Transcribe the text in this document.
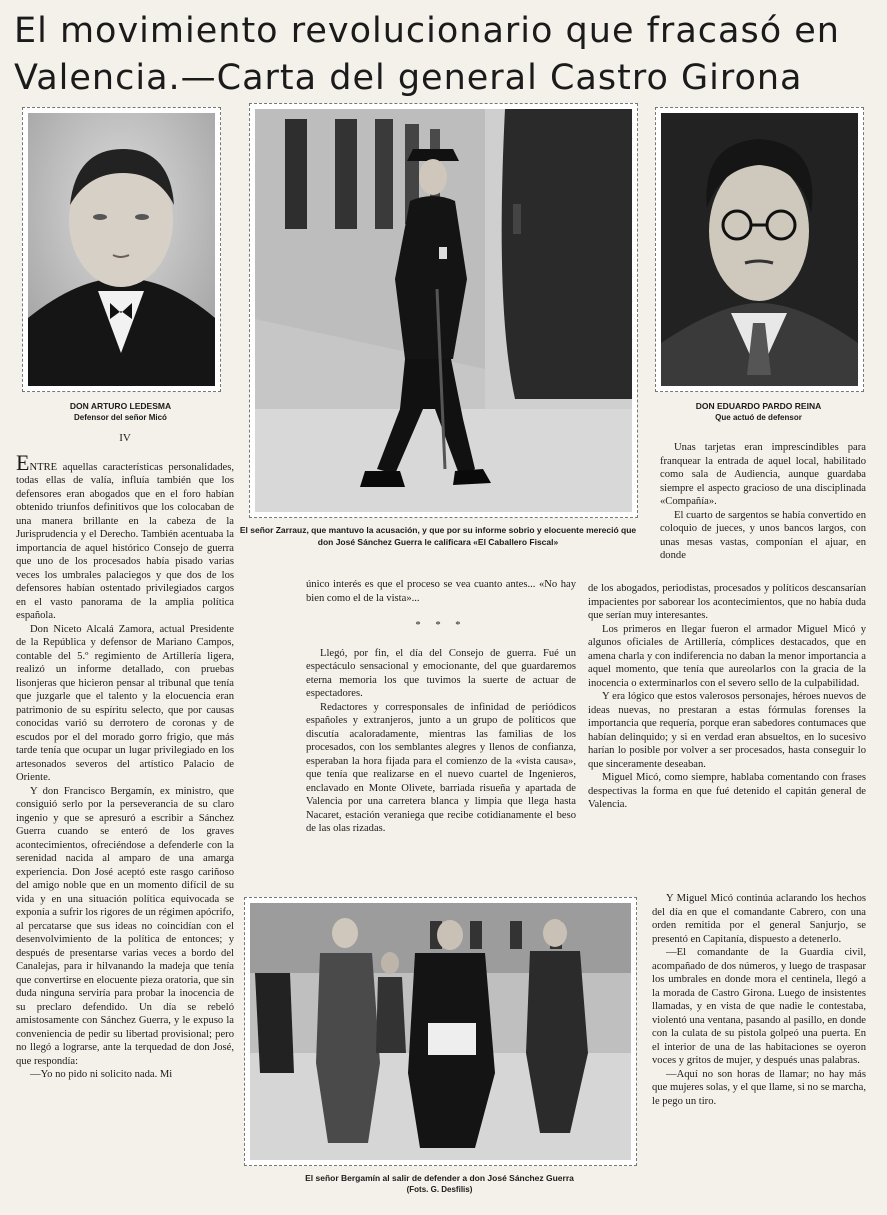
El movimiento revolucionario que fracasó en
Valencia.—Carta del general Castro Girona
DON ARTURO LEDESMA
Defensor del señor Micó
El señor Zarrauz, que mantuvo la acusación, y que por su informe sobrio y elocuente mereció que don José Sánchez Guerra le calificara «El Caballero Fiscal»
DON EDUARDO PARDO REINA
Que actuó de defensor
El señor Bergamín al salir de defender a don José Sánchez Guerra
(Fots. G. Desfilis)

IV

ENTRE aquellas características personalidades, todas ellas de valía, influía también que los defensores eran abogados que en el foro habían obtenido triunfos definitivos que los colocaban de una manera brillante en la cabeza de la Jurisprudencia y el Derecho. También acentuaba la importancia de aquel histórico Consejo de guerra que uno de los procesados había pisado varias veces los umbrales palaciegos y que dos de los defensores habían ostentado privilegiados cargos en el vasto panorama de la amplia política española.

Don Niceto Alcalá Zamora, actual Presidente de la República y defensor de Mariano Campos, contable del 5.º regimiento de Artillería ligera, realizó un informe detallado, con pruebas lisonjeras que hicieron pensar al tribunal que tenía que juzgarle que el talento y la elocuencia eran patrimonio de su espíritu selecto, que por causas conocidas varió su derrotero de coronas y de escudos por el del morado gorro frigio, que más tarde tenía que ocupar un lugar privilegiado en los artesonados severos del artístico Palacio de Oriente.

Y don Francisco Bergamín, ex ministro, que consiguió serlo por la perseverancia de su claro ingenio y que se apresuró a escribir a Sánchez Guerra cuando se enteró de los graves acontecimientos, ofreciéndose a defenderle con la serenidad nacida al amparo de una amarga experiencia. Don José aceptó este rasgo cariñoso del amigo noble que en un momento difícil de su vida y en una situación política equivocada se exponía a sufrir los rigores de un régimen apócrifo, al percatarse que sus ideas no coincidían con el desenvolvimiento de la política de entonces; y después de presentarse varias veces a bordo del Canalejas, para ir hilvanando la madeja que tenía que convertirse en elocuente pieza oratoria, que sin duda ninguna serviría para probar la inocencia de su preclaro defendido. Un día se rebeló amistosamente con Sánchez Guerra, y le expuso la conveniencia de pedir su libertad provisional; pero no llegó a lograrse, ante la terquedad de don José, que respondía:

—Yo no pido ni solicito nada. Mi

único interés es que el proceso se vea cuanto antes... «No hay bien como el de la vista»...

* * *

Llegó, por fin, el día del Consejo de guerra. Fué un espectáculo sensacional y emocionante, del que guardaremos eterna memoria los que tuvimos la suerte de actuar de espectadores.

Redactores y corresponsales de infinidad de periódicos españoles y extranjeros, junto a un grupo de políticos que discutía acaloradamente, mientras las familias de los procesados, con los semblantes alegres y llenos de confianza, esperaban la hora fijada para el comienzo de la «vista causa», que tenía que realizarse en el nuevo cuartel de Ingenieros, enclavado en Monte Olivete, barriada risueña y apartada de Valencia por una carretera blanca y limpia que llega hasta Nacaret, estación veraniega que recibe cotidianamente el beso de las olas rizadas.

Unas tarjetas eran imprescindibles para franquear la entrada de aquel local, habilitado como sala de Audiencia, aunque guardaba siempre el aspecto gracioso de una disciplinada «Compañía».

El cuarto de sargentos se había convertido en coloquio de jueces, y unos bancos largos, con unas mesas vastas, componían el ajuar, en donde

de los abogados, periodistas, procesados y políticos descansarían impacientes por saborear los acontecimientos, que no había duda que serían muy interesantes.

Los primeros en llegar fueron el armador Miguel Micó y algunos oficiales de Artillería, cómplices destacados, que en amena charla y con indiferencia no daban la menor importancia a aquel momento, que tenía que aureolarlos con la gracia de la inocencia o exterminarlos con el severo sello de la culpabilidad.

Y era lógico que estos valerosos personajes, héroes nuevos de ideas nuevas, no prestaran a estas fórmulas forenses la importancia que requería, porque eran sabedores contumaces que habían delinquido; y si en verdad eran absueltos, en lo sucesivo harían lo posible por volver a ser procesados, hasta conseguir lo que sinceramente deseaban.

Miguel Micó, como siempre, hablaba comentando con frases despectivas la forma en que fué detenido el capitán general de Valencia.

Y Miguel Micó continúa aclarando los hechos del día en que el comandante Cabrero, con una orden remitida por el general Sanjurjo, se presentó en Capitanía, dispuesto a detenerlo.

—El comandante de la Guardia civil, acompañado de dos números, y luego de traspasar los umbrales en donde mora el centinela, llegó a la morada de Castro Girona. Luego de insistentes llamadas, y en vista de que nadie le contestaba, violentó una ventana, pasando al pasillo, en donde con la culata de su pistola golpeó una puerta. En el interior de una de las habitaciones se oyeron voces y gritos de mujer, y después unas palabras.

—Aquí no son horas de llamar; no hay más que mujeres solas, y el que llame, si no se marcha, le pego un tiro.
